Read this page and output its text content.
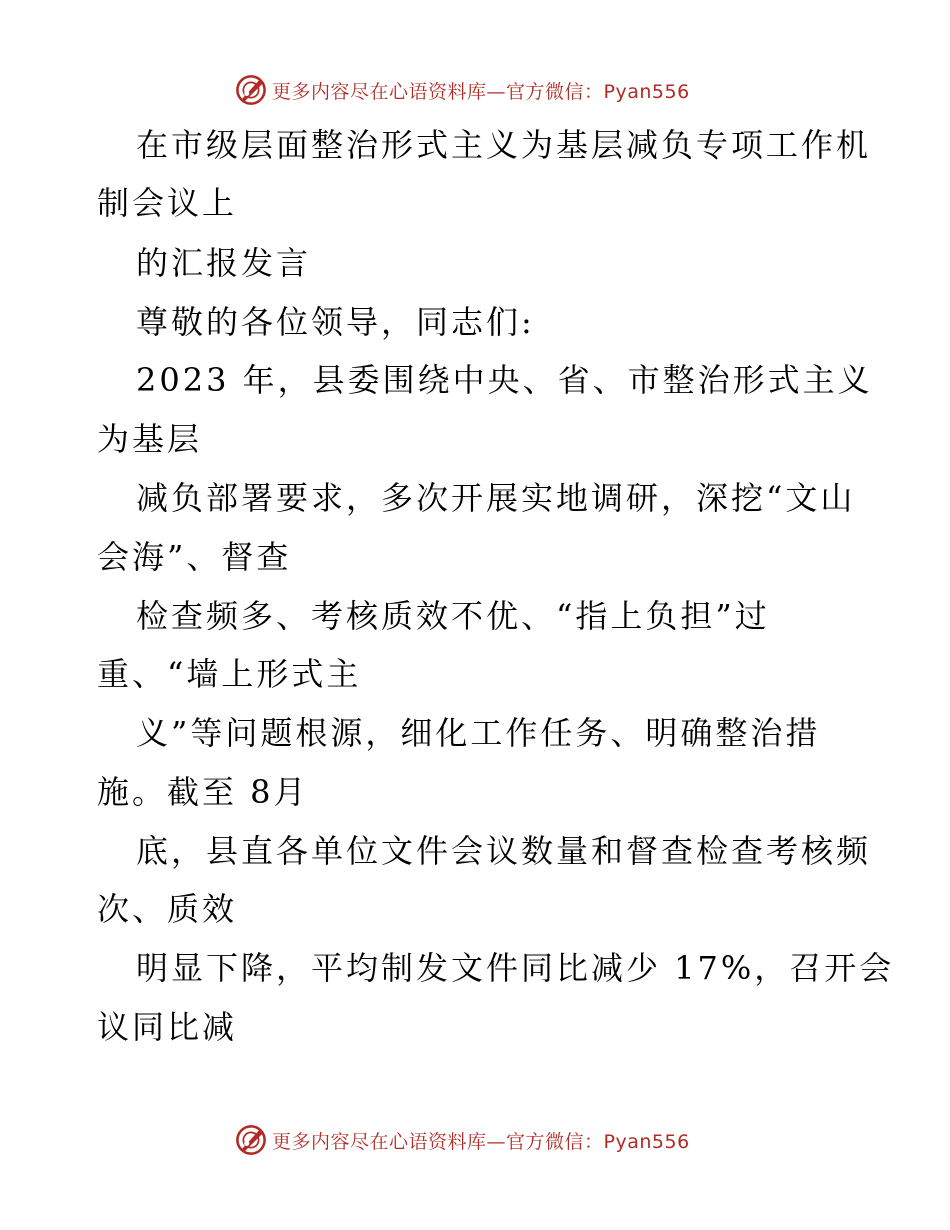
更多内容尽在心语资料库—官方微信：Pyan556
在市级层面整治形式主义为基层减负专项工作机
制会议上
的汇报发言
尊敬的各位领导，同志们:
2023 年，县委围绕中央、省、市整治形式主义
为基层
减负部署要求，多次开展实地调研，深挖“文山
会海”、督查
检查频多、考核质效不优、“指上负担”过
重、“墙上形式主
义”等问题根源，细化工作任务、明确整治措
施。截至 8月
底，县直各单位文件会议数量和督查检查考核频
次、质效
明显下降，平均制发文件同比减少 17%，召开会
议同比减
更多内容尽在心语资料库—官方微信：Pyan556
